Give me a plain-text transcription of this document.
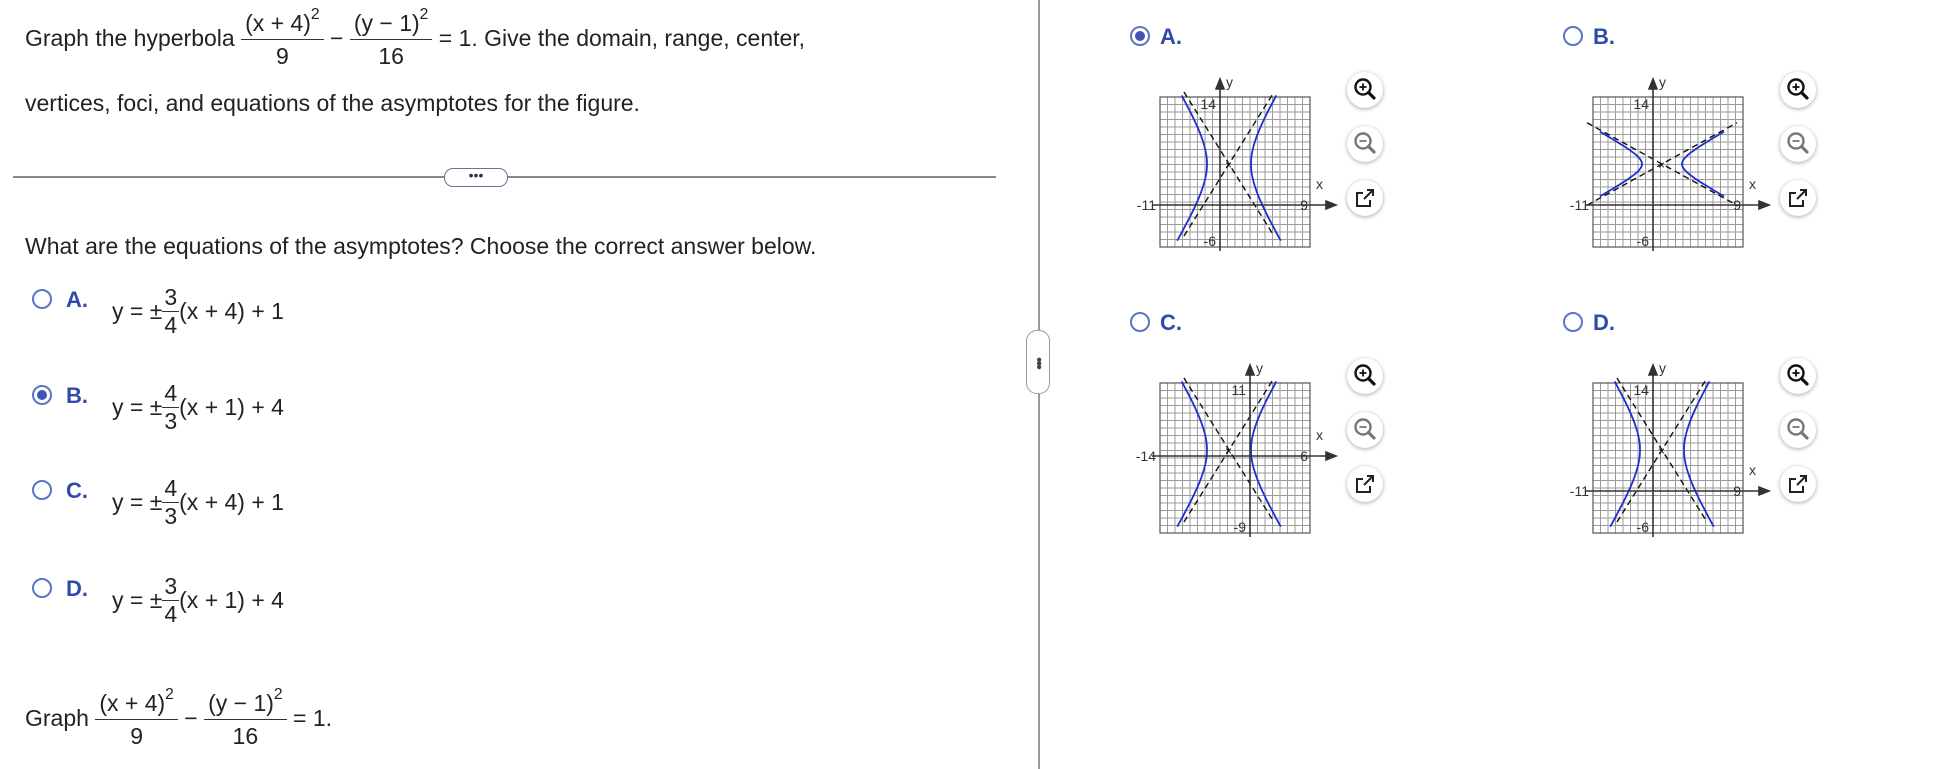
Graph the hyperbola $\frac{(x + 4)^2}{9} - \frac{(y - 1)^2}{16} = 1$. Give the domain, range, center,
vertices, foci, and equations of the asymptotes for the figure.
•••
What are the equations of the asymptotes? Choose the correct answer below.
A. y = ± $\frac{3}{4} (x + 4) + 1$
B. y = ± $\frac{4}{3} (x + 1) + 4$
C. y = ± $\frac{4}{3} (x + 4) + 1$
D. y = ± $\frac{3}{4} (x + 1) + 4$
Graph $\frac{(x + 4)^2}{9} - \frac{(y - 1)^2}{16} = 1$.
•••
A.
×
y
x
14
-11
-6
9
B.
×
y
x
14
-11
-6
9
C.
×
y
x
11
-14
-9
6
D.
×
y
x
14
-11
-6
9
